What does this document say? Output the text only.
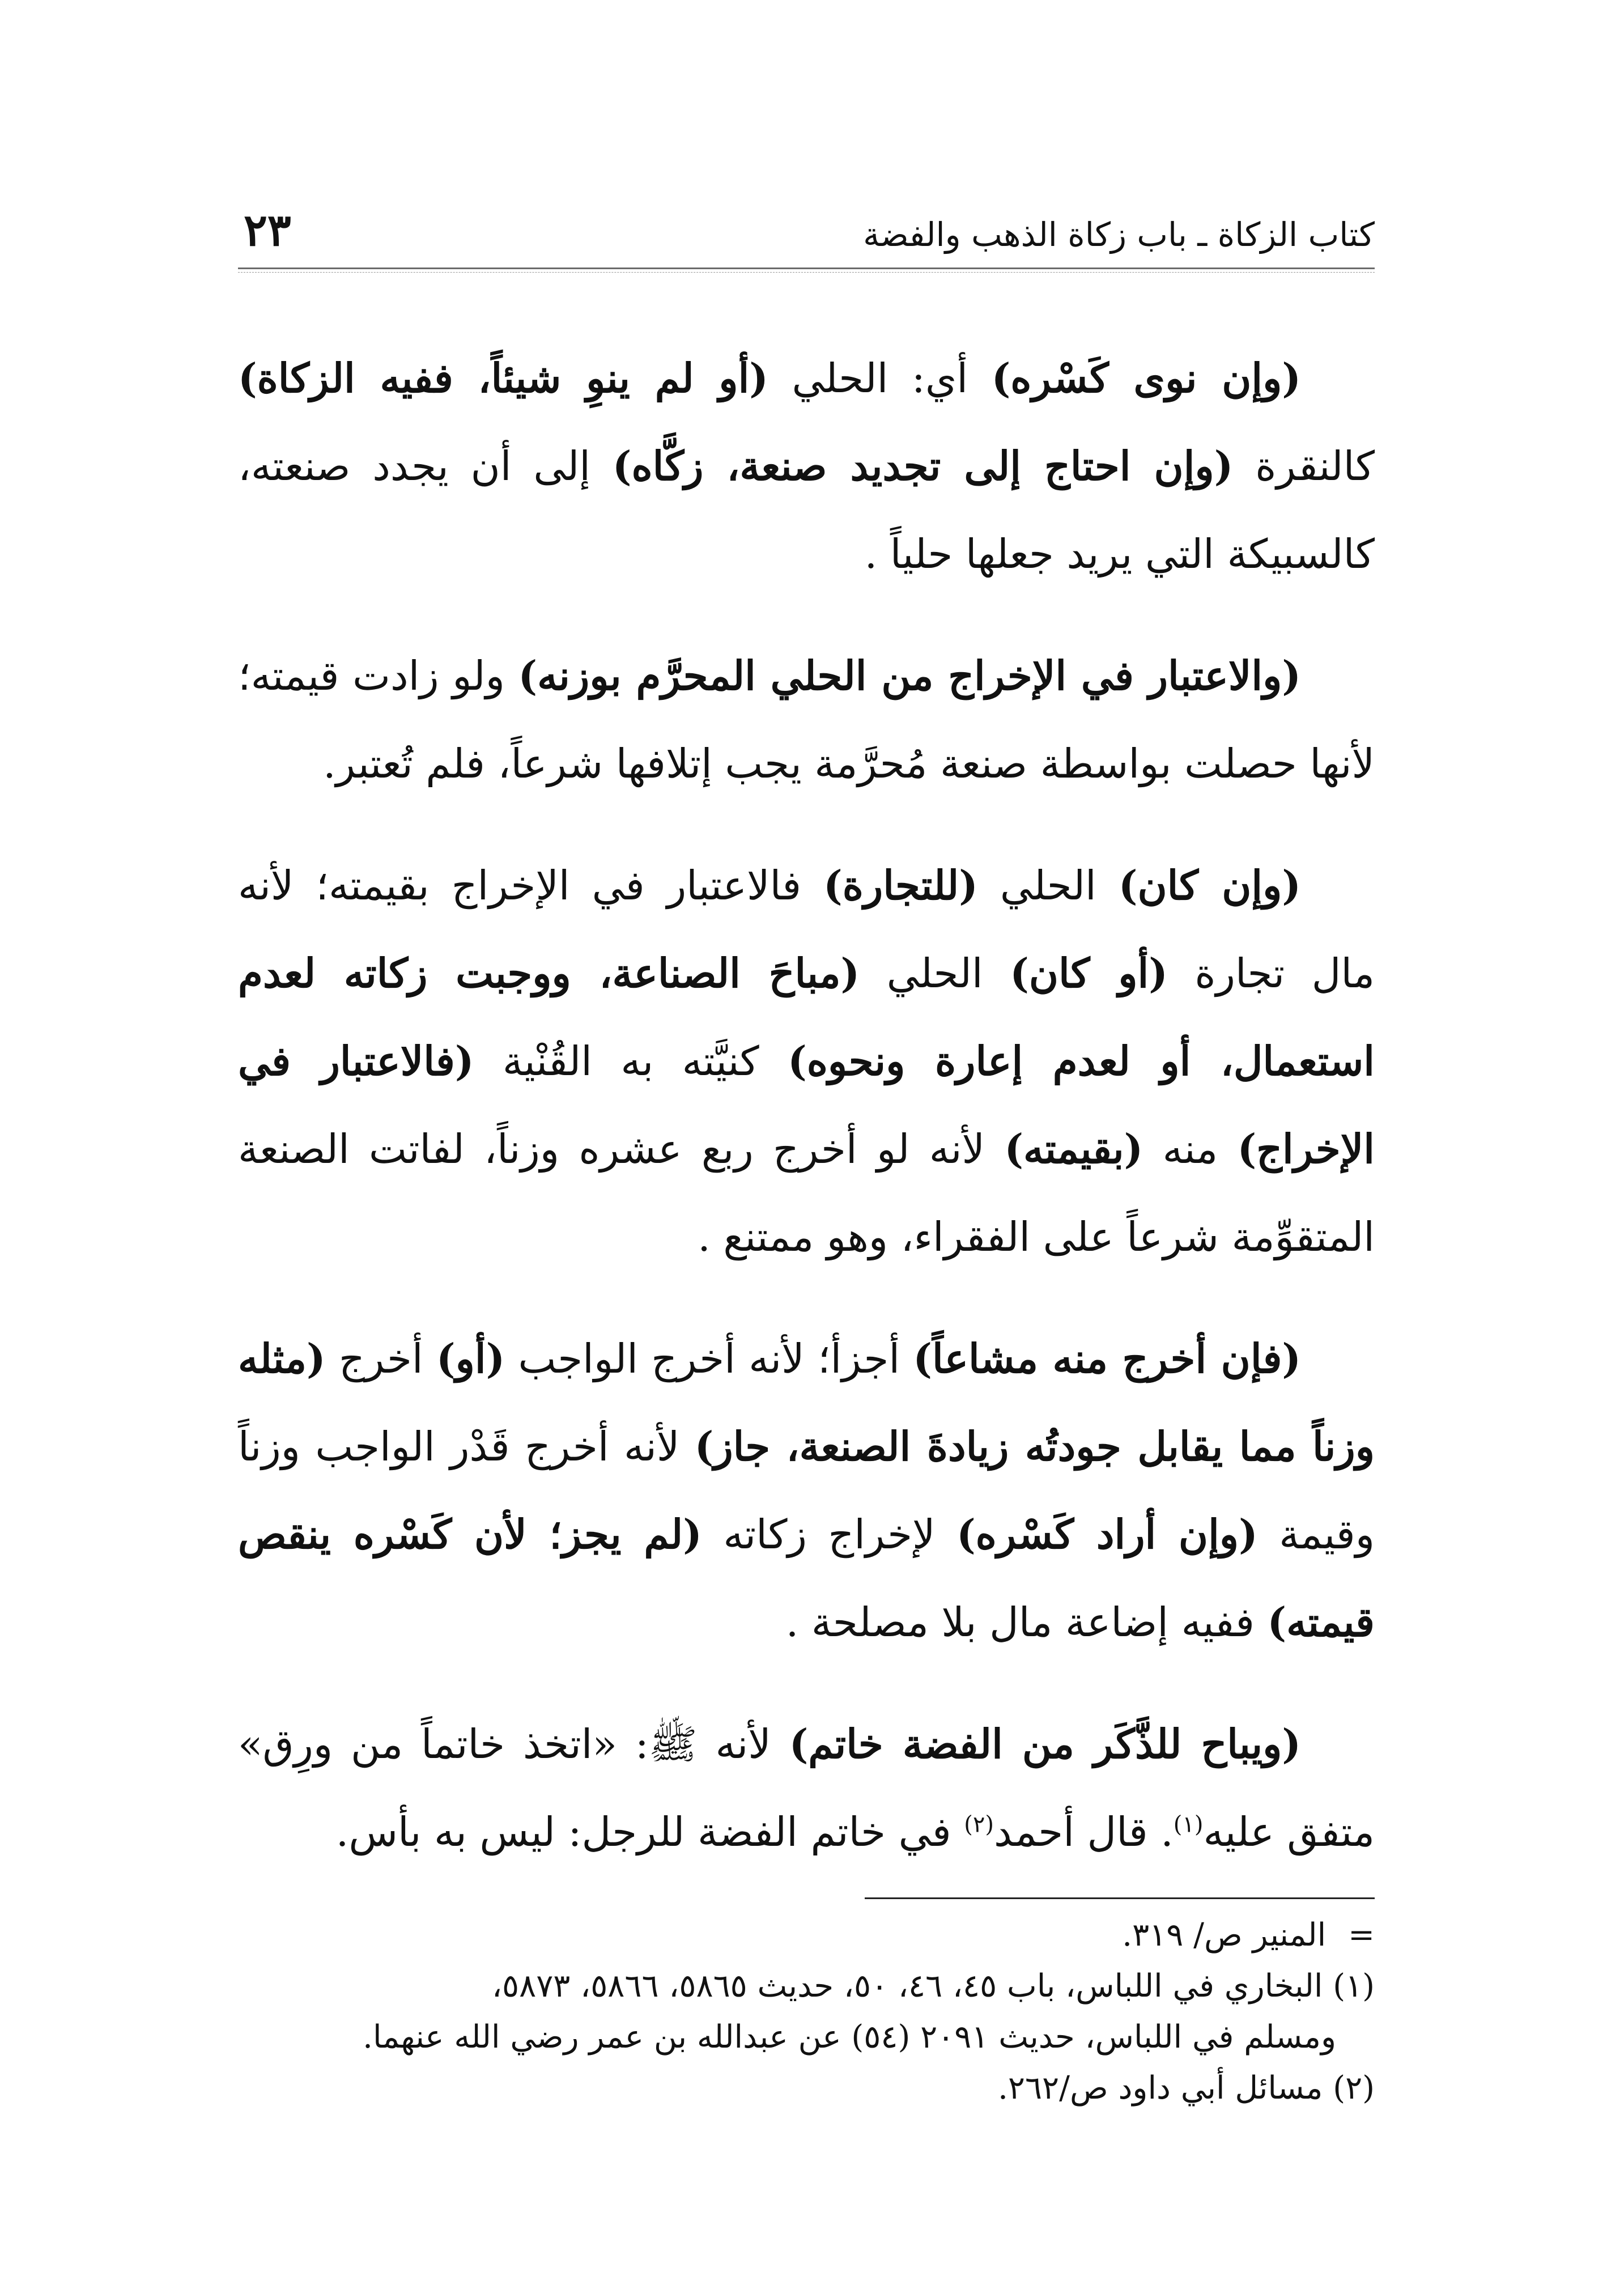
كتاب الزكاة ـ باب زكاة الذهب والفضة
٢٣

(وإن نوى كَسْره) أي: الحلي (أو لم ينوِ شيئاً، ففيه الزكاة) كالنقرة (وإن احتاج إلى تجديد صنعة، زكَّاه) إلى أن يجدد صنعته، كالسبيكة التي يريد جعلها حلياً .

(والاعتبار في الإخراج من الحلي المحرَّم بوزنه) ولو زادت قيمته؛ لأنها حصلت بواسطة صنعة مُحرَّمة يجب إتلافها شرعاً، فلم تُعتبر.

(وإن كان) الحلي (للتجارة) فالاعتبار في الإخراج بقيمته؛ لأنه مال تجارة (أو كان) الحلي (مباحَ الصناعة، ووجبت زكاته لعدم استعمال، أو لعدم إعارة ونحوه) كنيَّته به القُنْية (فالاعتبار في الإخراج) منه (بقيمته) لأنه لو أخرج ربع عشره وزناً، لفاتت الصنعة المتقوِّمة شرعاً على الفقراء، وهو ممتنع .

(فإن أخرج منه مشاعاً) أجزأ؛ لأنه أخرج الواجب (أو) أخرج (مثله وزناً مما يقابل جودتُه زيادةَ الصنعة، جاز) لأنه أخرج قَدْر الواجب وزناً وقيمة (وإن أراد كَسْره) لإخراج زكاته (لم يجز؛ لأن كَسْره ينقص قيمته) ففيه إضاعة مال بلا مصلحة .

(ويباح للذَّكَر من الفضة خاتم) لأنه ﷺ: «اتخذ خاتماً من ورِق» متفق عليه$^{(١)}$. قال أحمد$^{(٢)}$ في خاتم الفضة للرجل: ليس به بأس.

= المنير ص/ ٣١٩.

(١) البخاري في اللباس، باب ٤٥، ٤٦، ٥٠، حديث ٥٨٦٥، ٥٨٦٦، ٥٨٧٣،

ومسلم في اللباس، حديث ٢٠٩١ (٥٤) عن عبدالله بن عمر رضي الله عنهما.

(٢) مسائل أبي داود ص/٢٦٢.
